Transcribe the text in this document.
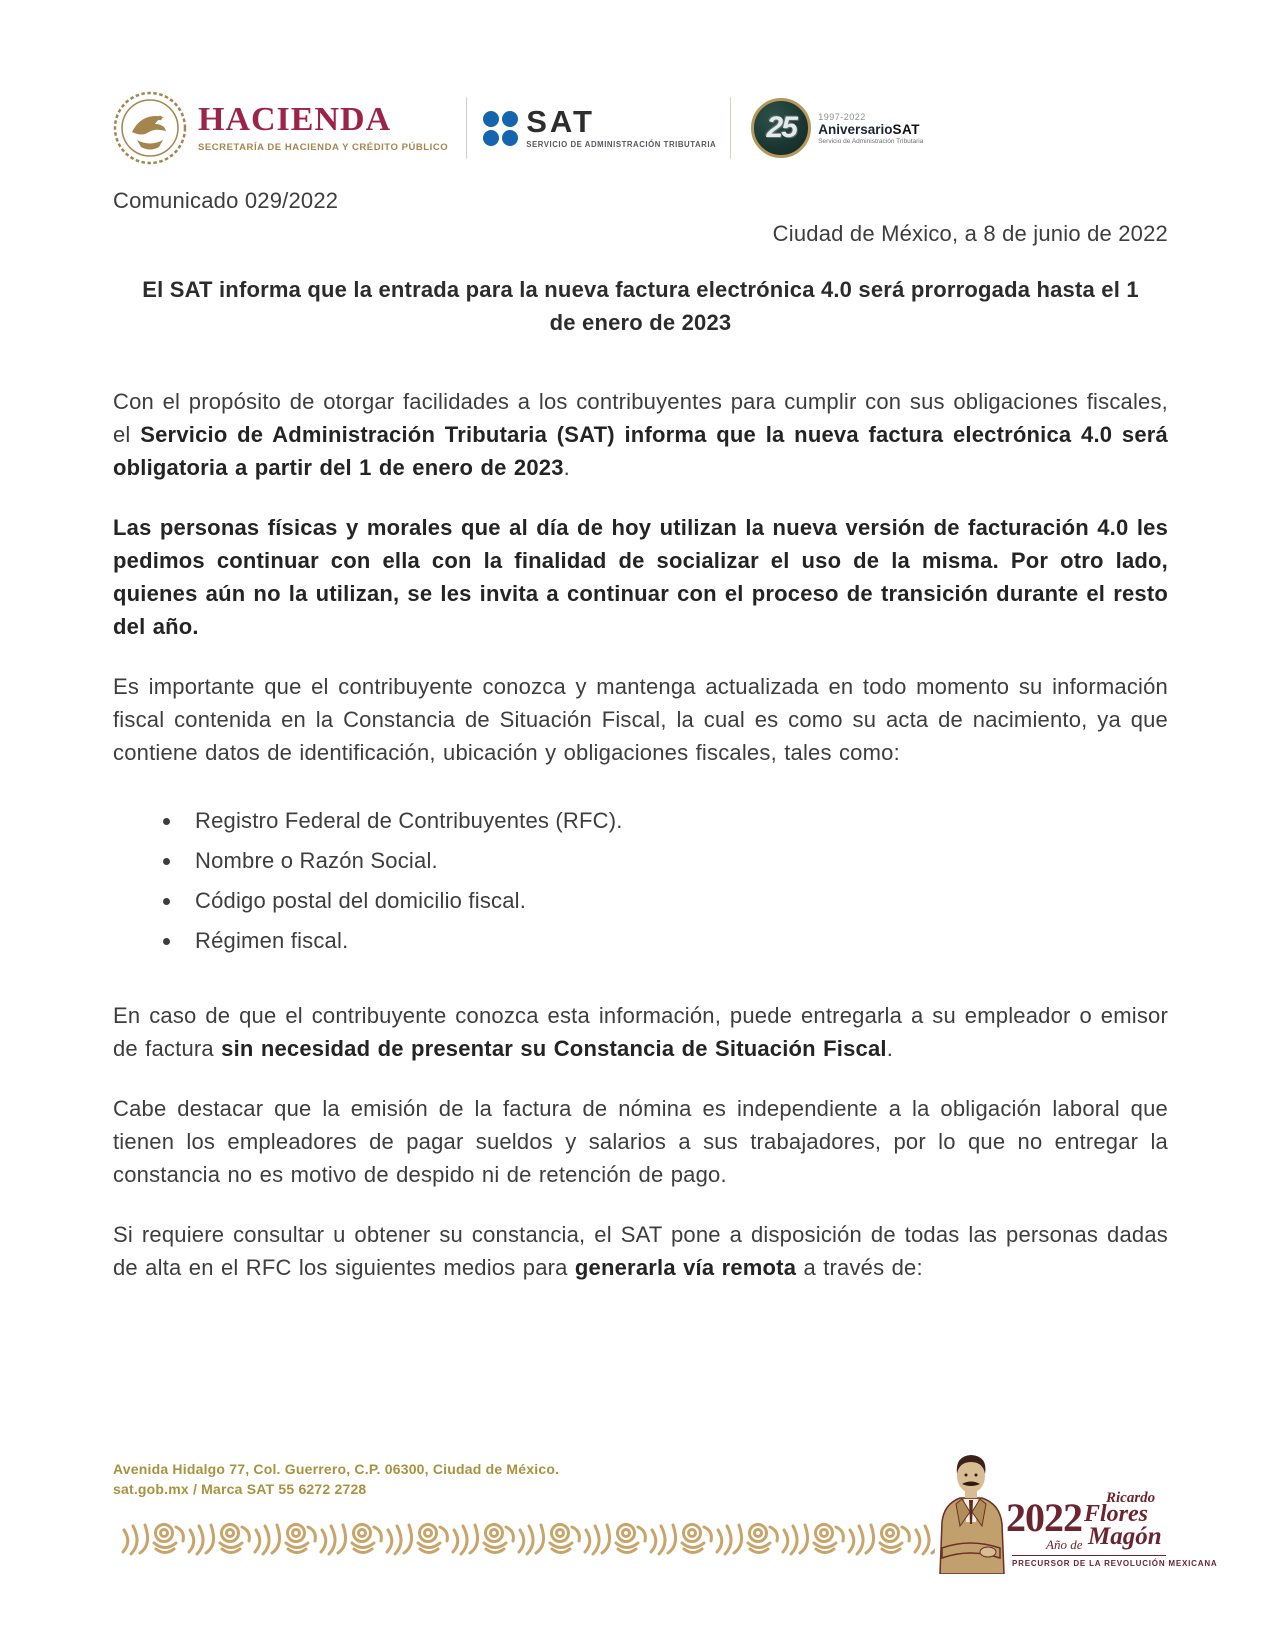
HACIENDA
SECRETARÍA DE HACIENDA Y CRÉDITO PÚBLICO
SAT
SERVICIO DE ADMINISTRACIÓN TRIBUTARIA
25 1997-2022
AniversarioSAT
Servicio de Administración Tributaria
Comunicado 029/2022
Ciudad de México, a 8 de junio de 2022
El SAT informa que la entrada para la nueva factura electrónica 4.0 será prorrogada hasta el 1 de enero de 2023

Con el propósito de otorgar facilidades a los contribuyentes para cumplir con sus obligaciones fiscales, el Servicio de Administración Tributaria (SAT) informa que la nueva factura electrónica 4.0 será obligatoria a partir del 1 de enero de 2023.

Las personas físicas y morales que al día de hoy utilizan la nueva versión de facturación 4.0 les pedimos continuar con ella con la finalidad de socializar el uso de la misma. Por otro lado, quienes aún no la utilizan, se les invita a continuar con el proceso de transición durante el resto del año.

Es importante que el contribuyente conozca y mantenga actualizada en todo momento su información fiscal contenida en la Constancia de Situación Fiscal, la cual es como su acta de nacimiento, ya que contiene datos de identificación, ubicación y obligaciones fiscales, tales como:

• Registro Federal de Contribuyentes (RFC).
• Nombre o Razón Social.
• Código postal del domicilio fiscal.
• Régimen fiscal.

En caso de que el contribuyente conozca esta información, puede entregarla a su empleador o emisor de factura sin necesidad de presentar su Constancia de Situación Fiscal.

Cabe destacar que la emisión de la factura de nómina es independiente a la obligación laboral que tienen los empleadores de pagar sueldos y salarios a sus trabajadores, por lo que no entregar la constancia no es motivo de despido ni de retención de pago.

Si requiere consultar u obtener su constancia, el SAT pone a disposición de todas las personas dadas de alta en el RFC los siguientes medios para generarla vía remota a través de:

Avenida Hidalgo 77, Col. Guerrero, C.P. 06300, Ciudad de México.
sat.gob.mx / Marca SAT 55 6272 2728
2022
Año de
Ricardo
Flores
Magón
PRECURSOR DE LA REVOLUCIÓN MEXICANA
